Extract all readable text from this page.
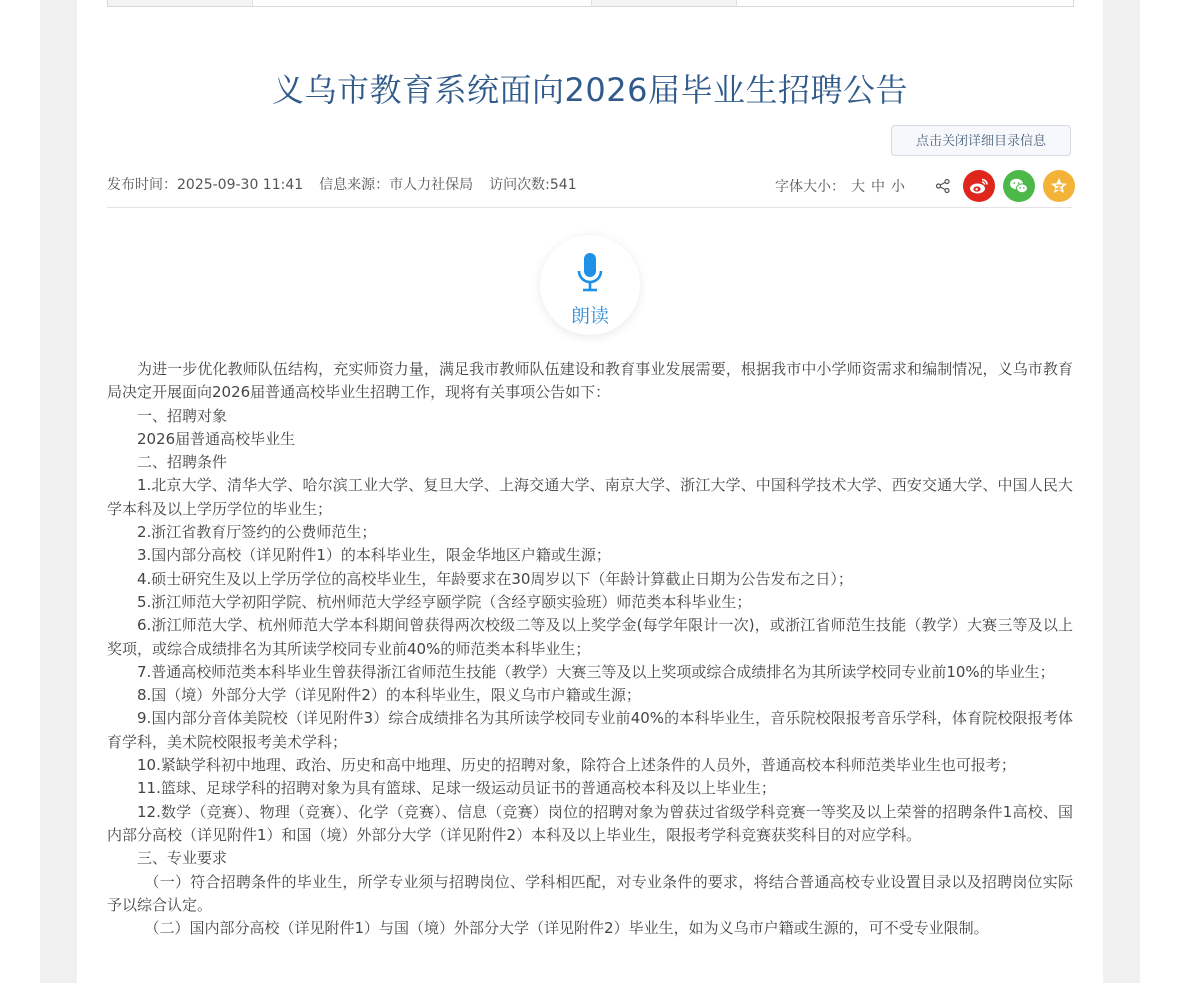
义乌市教育系统面向2026届毕业生招聘公告
点击关闭详细目录信息
发布时间：2025-09-30 11:41 信息来源：市人力社保局 访问次数:541	字体大小： 大 中 小
朗读

为进一步优化教师队伍结构，充实师资力量，满足我市教师队伍建设和教育事业发展需要，根据我市中小学师资需求和编制情况，义乌市教育局决定开展面向2026届普通高校毕业生招聘工作，现将有关事项公告如下：

一、招聘对象

2026届普通高校毕业生

二、招聘条件

1.北京大学、清华大学、哈尔滨工业大学、复旦大学、上海交通大学、南京大学、浙江大学、中国科学技术大学、西安交通大学、中国人民大学本科及以上学历学位的毕业生；

2.浙江省教育厅签约的公费师范生；

3.国内部分高校（详见附件1）的本科毕业生，限金华地区户籍或生源；

4.硕士研究生及以上学历学位的高校毕业生，年龄要求在30周岁以下（年龄计算截止日期为公告发布之日）；

5.浙江师范大学初阳学院、杭州师范大学经亨颐学院（含经亨颐实验班）师范类本科毕业生；

6.浙江师范大学、杭州师范大学本科期间曾获得两次校级二等及以上奖学金(每学年限计一次)，或浙江省师范生技能（教学）大赛三等及以上奖项，或综合成绩排名为其所读学校同专业前40%的师范类本科毕业生；

7.普通高校师范类本科毕业生曾获得浙江省师范生技能（教学）大赛三等及以上奖项或综合成绩排名为其所读学校同专业前10%的毕业生；

8.国（境）外部分大学（详见附件2）的本科毕业生，限义乌市户籍或生源；

9.国内部分音体美院校（详见附件3）综合成绩排名为其所读学校同专业前40%的本科毕业生，音乐院校限报考音乐学科，体育院校限报考体育学科，美术院校限报考美术学科；

10.紧缺学科初中地理、政治、历史和高中地理、历史的招聘对象，除符合上述条件的人员外，普通高校本科师范类毕业生也可报考；

11.篮球、足球学科的招聘对象为具有篮球、足球一级运动员证书的普通高校本科及以上毕业生；

12.数学（竞赛）、物理（竞赛）、化学（竞赛）、信息（竞赛）岗位的招聘对象为曾获过省级学科竞赛一等奖及以上荣誉的招聘条件1高校、国内部分高校（详见附件1）和国（境）外部分大学（详见附件2）本科及以上毕业生，限报考学科竞赛获奖科目的对应学科。

三、专业要求

（一）符合招聘条件的毕业生，所学专业须与招聘岗位、学科相匹配，对专业条件的要求，将结合普通高校专业设置目录以及招聘岗位实际予以综合认定。

（二）国内部分高校（详见附件1）与国（境）外部分大学（详见附件2）毕业生，如为义乌市户籍或生源的，可不受专业限制。
